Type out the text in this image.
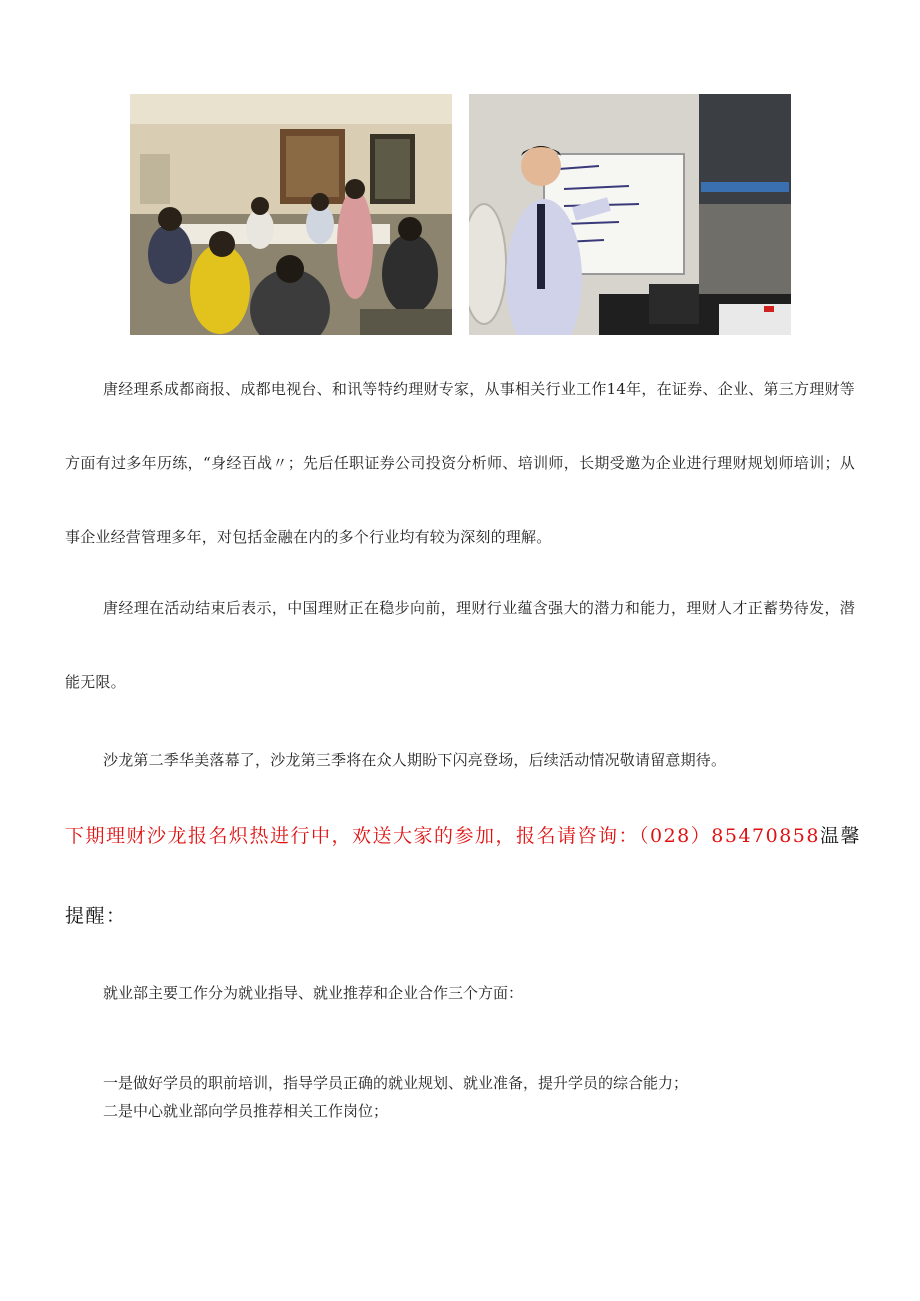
唐经理系成都商报、成都电视台、和讯等特约理财专家，从事相关行业工作14年，在证券、企业、第三方理财等方面有过多年历练，“身经百战〃；先后任职证券公司投资分析师、培训师，长期受邀为企业进行理财规划师培训；从事企业经营管理多年，对包括金融在内的多个行业均有较为深刻的理解。

唐经理在活动结束后表示，中国理财正在稳步向前，理财行业蕴含强大的潜力和能力，理财人才正蓄势待发，潜能无限。

沙龙第二季华美落幕了，沙龙第三季将在众人期盼下闪亮登场，后续活动情况敬请留意期待。

下期理财沙龙报名炽热进行中，欢送大家的参加，报名请咨询：（028）85470858温馨提醒：

就业部主要工作分为就业指导、就业推荐和企业合作三个方面：

一是做好学员的职前培训，指导学员正确的就业规划、就业准备，提升学员的综合能力；
二是中心就业部向学员推荐相关工作岗位；
